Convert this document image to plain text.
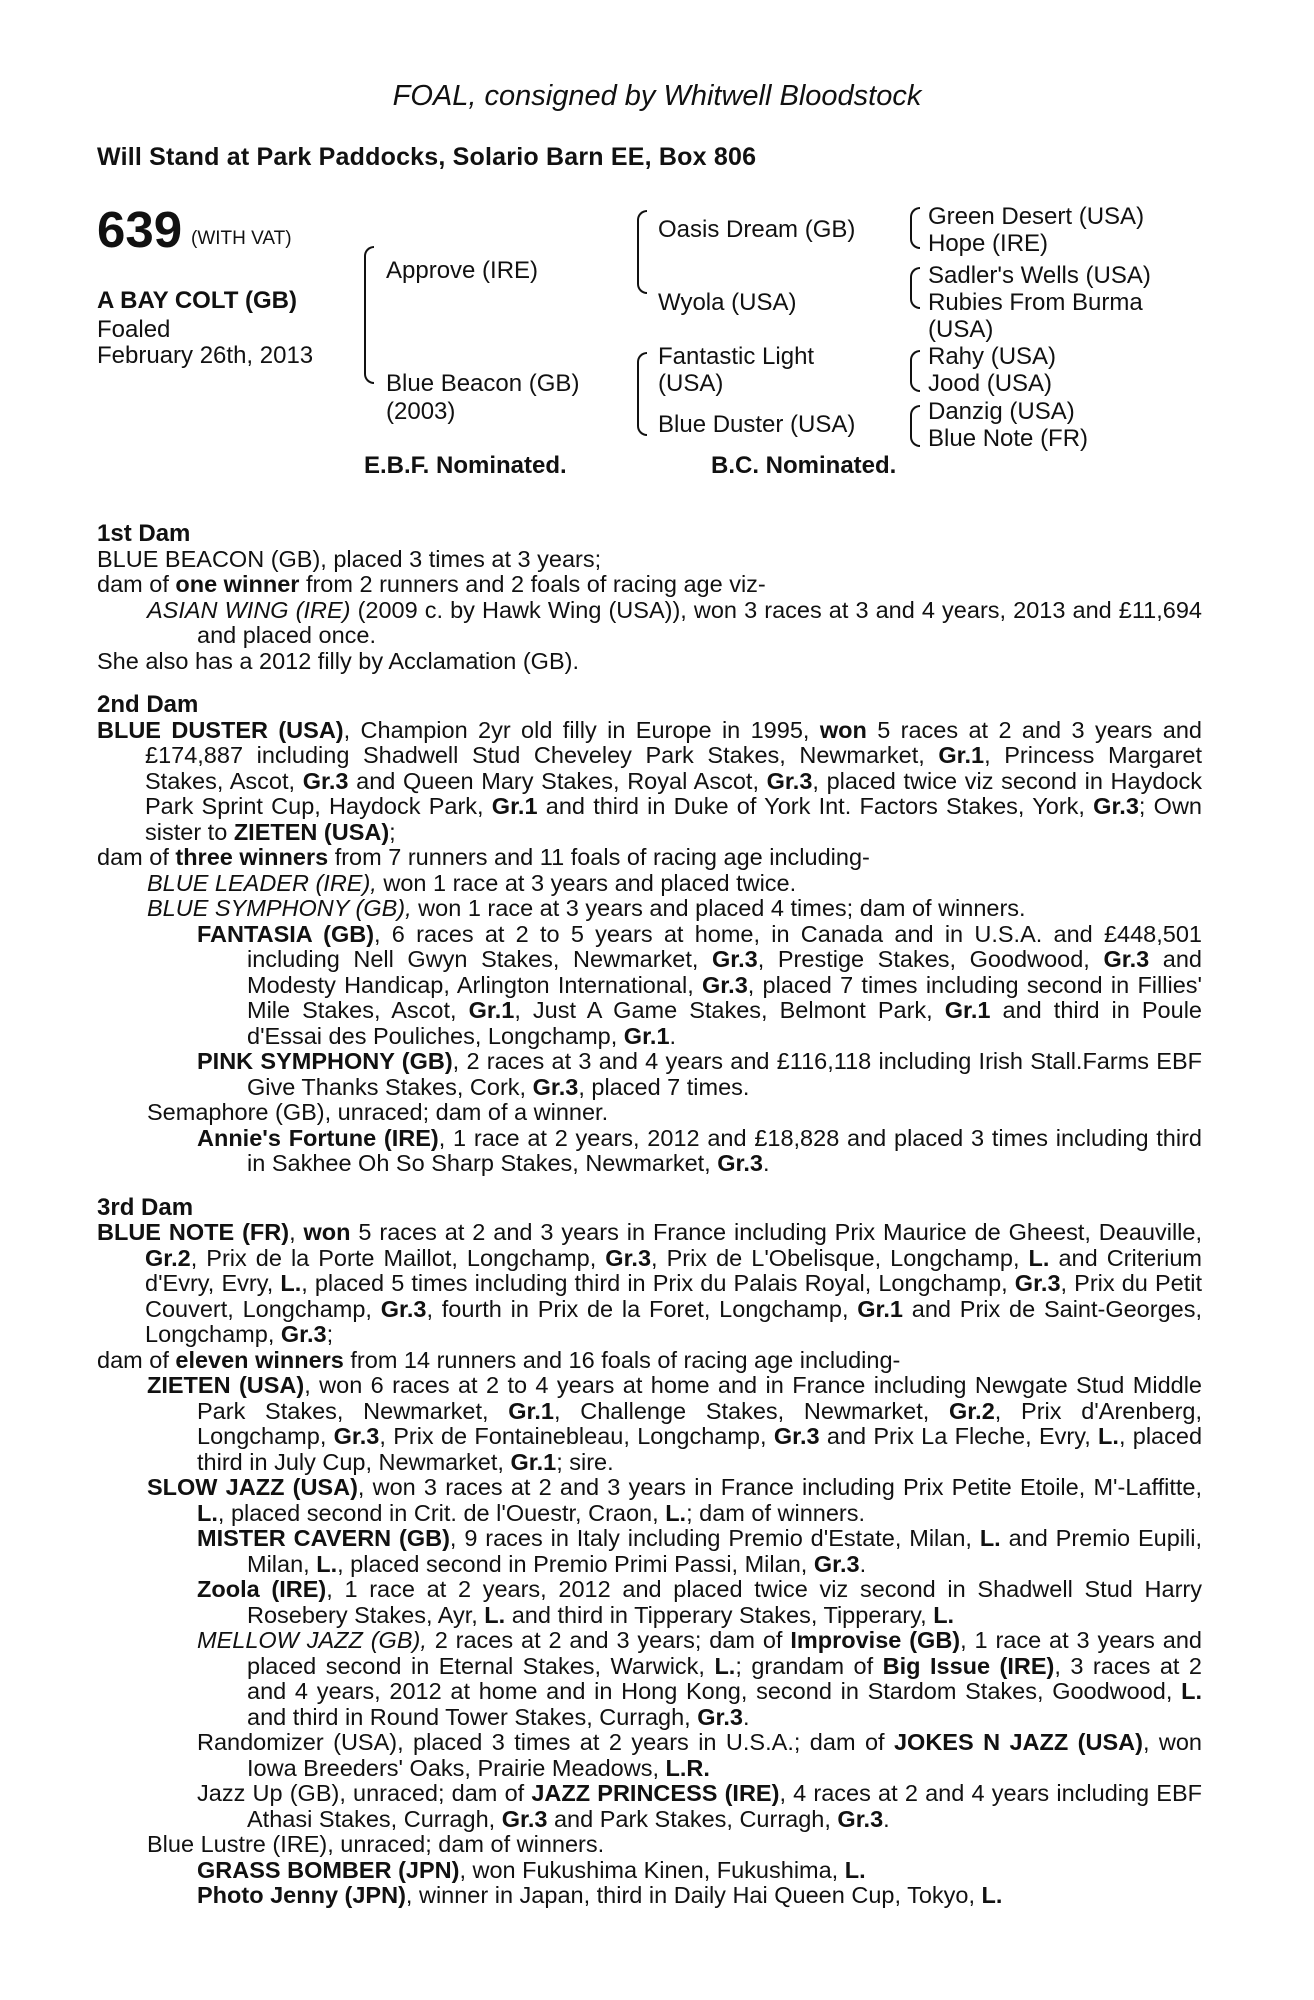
FOAL, consigned by Whitwell Bloodstock
Will Stand at Park Paddocks, Solario Barn EE, Box 806
639 (WITH VAT)
A BAY COLT (GB)
Foaled
February 26th, 2013
Approve (IRE)
Blue Beacon (GB)
(2003)
Oasis Dream (GB)
Wyola (USA)
Fantastic Light
(USA)
Blue Duster (USA)
Green Desert (USA)
Hope (IRE)
Sadler's Wells (USA)
Rubies From Burma
(USA)
Rahy (USA)
Jood (USA)
Danzig (USA)
Blue Note (FR)
E.B.F. Nominated.	B.C. Nominated.

1st Dam

BLUE BEACON (GB), placed 3 times at 3 years;

dam of one winner from 2 runners and 2 foals of racing age viz-

ASIAN WING (IRE) (2009 c. by Hawk Wing (USA)), won 3 races at 3 and 4 years, 2013 and £11,694 and placed once.

She also has a 2012 filly by Acclamation (GB).

2nd Dam

BLUE DUSTER (USA), Champion 2yr old filly in Europe in 1995, won 5 races at 2 and 3 years and £174,887 including Shadwell Stud Cheveley Park Stakes, Newmarket, Gr.1, Princess Margaret Stakes, Ascot, Gr.3 and Queen Mary Stakes, Royal Ascot, Gr.3, placed twice viz second in Haydock Park Sprint Cup, Haydock Park, Gr.1 and third in Duke of York Int. Factors Stakes, York, Gr.3; Own sister to ZIETEN (USA);

dam of three winners from 7 runners and 11 foals of racing age including-

BLUE LEADER (IRE), won 1 race at 3 years and placed twice.

BLUE SYMPHONY (GB), won 1 race at 3 years and placed 4 times; dam of winners.

FANTASIA (GB), 6 races at 2 to 5 years at home, in Canada and in U.S.A. and £448,501 including Nell Gwyn Stakes, Newmarket, Gr.3, Prestige Stakes, Goodwood, Gr.3 and Modesty Handicap, Arlington International, Gr.3, placed 7 times including second in Fillies' Mile Stakes, Ascot, Gr.1, Just A Game Stakes, Belmont Park, Gr.1 and third in Poule d'Essai des Pouliches, Longchamp, Gr.1.

PINK SYMPHONY (GB), 2 races at 3 and 4 years and £116,118 including Irish Stall.Farms EBF Give Thanks Stakes, Cork, Gr.3, placed 7 times.

Semaphore (GB), unraced; dam of a winner.

Annie's Fortune (IRE), 1 race at 2 years, 2012 and £18,828 and placed 3 times including third in Sakhee Oh So Sharp Stakes, Newmarket, Gr.3.

3rd Dam

BLUE NOTE (FR), won 5 races at 2 and 3 years in France including Prix Maurice de Gheest, Deauville, Gr.2, Prix de la Porte Maillot, Longchamp, Gr.3, Prix de L'Obelisque, Longchamp, L. and Criterium d'Evry, Evry, L., placed 5 times including third in Prix du Palais Royal, Longchamp, Gr.3, Prix du Petit Couvert, Longchamp, Gr.3, fourth in Prix de la Foret, Longchamp, Gr.1 and Prix de Saint-Georges, Longchamp, Gr.3;

dam of eleven winners from 14 runners and 16 foals of racing age including-

ZIETEN (USA), won 6 races at 2 to 4 years at home and in France including Newgate Stud Middle Park Stakes, Newmarket, Gr.1, Challenge Stakes, Newmarket, Gr.2, Prix d'Arenberg, Longchamp, Gr.3, Prix de Fontainebleau, Longchamp, Gr.3 and Prix La Fleche, Evry, L., placed third in July Cup, Newmarket, Gr.1; sire.

SLOW JAZZ (USA), won 3 races at 2 and 3 years in France including Prix Petite Etoile, M'-Laffitte, L., placed second in Crit. de l'Ouestr, Craon, L.; dam of winners.

MISTER CAVERN (GB), 9 races in Italy including Premio d'Estate, Milan, L. and Premio Eupili, Milan, L., placed second in Premio Primi Passi, Milan, Gr.3.

Zoola (IRE), 1 race at 2 years, 2012 and placed twice viz second in Shadwell Stud Harry Rosebery Stakes, Ayr, L. and third in Tipperary Stakes, Tipperary, L.

MELLOW JAZZ (GB), 2 races at 2 and 3 years; dam of Improvise (GB), 1 race at 3 years and placed second in Eternal Stakes, Warwick, L.; grandam of Big Issue (IRE), 3 races at 2 and 4 years, 2012 at home and in Hong Kong, second in Stardom Stakes, Goodwood, L. and third in Round Tower Stakes, Curragh, Gr.3.

Randomizer (USA), placed 3 times at 2 years in U.S.A.; dam of JOKES N JAZZ (USA), won Iowa Breeders' Oaks, Prairie Meadows, L.R.

Jazz Up (GB), unraced; dam of JAZZ PRINCESS (IRE), 4 races at 2 and 4 years including EBF Athasi Stakes, Curragh, Gr.3 and Park Stakes, Curragh, Gr.3.

Blue Lustre (IRE), unraced; dam of winners.

GRASS BOMBER (JPN), won Fukushima Kinen, Fukushima, L.

Photo Jenny (JPN), winner in Japan, third in Daily Hai Queen Cup, Tokyo, L.
